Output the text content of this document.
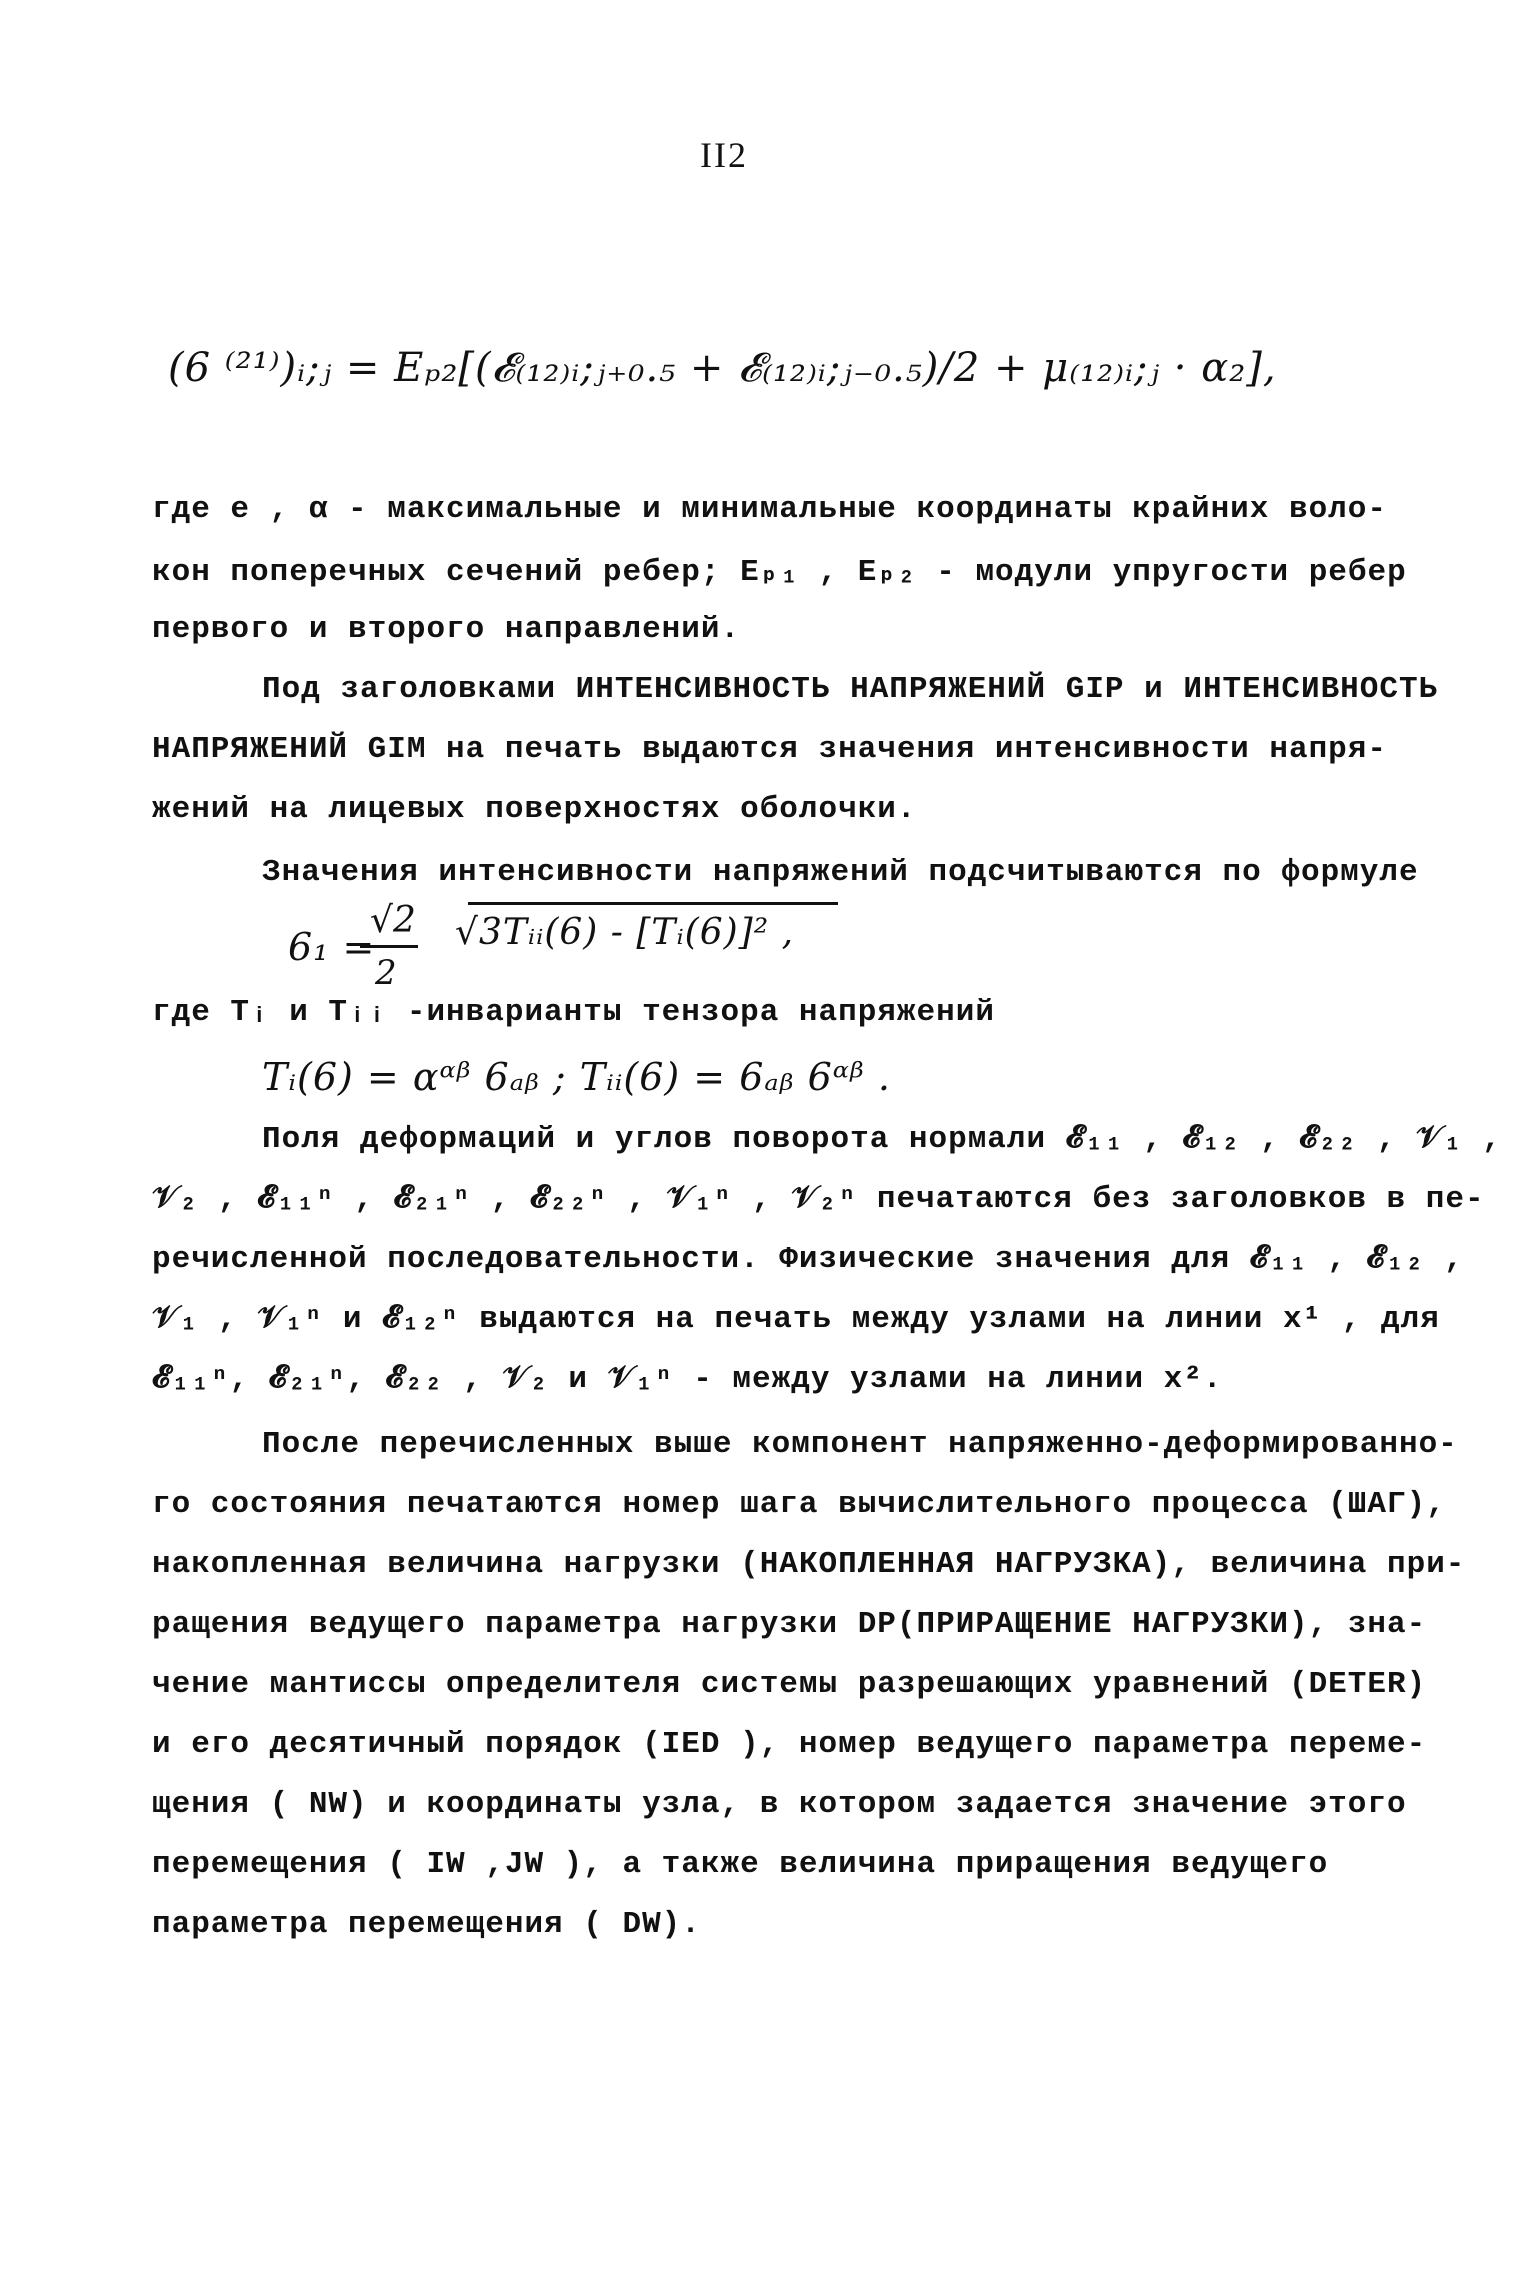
II2
(6 ⁽²¹⁾)ᵢ;ⱼ = Eₚ₂[(𝓔₍₁₂₎ᵢ;ⱼ₊₀.₅ + 𝓔₍₁₂₎ᵢ;ⱼ₋₀.₅)/2 + μ₍₁₂₎ᵢ;ⱼ · α₂],
где e , α - максимальные и минимальные координаты крайних воло-
кон поперечных сечений ребер; Eₚ₁ , Eₚ₂ - модули упругости ребер
первого и второго направлений.
Под заголовками ИНТЕНСИВНОСТЬ НАПРЯЖЕНИЙ GIP и ИНТЕНСИВНОСТЬ
НАПРЯЖЕНИЙ GIM на печать выдаются значения интенсивности напря-
жений на лицевых поверхностях оболочки.
Значения интенсивности напряжений подсчитываются по формуле
√2
6₁ =
2
√3Tᵢᵢ(6) - [Tᵢ(6)]² ,
где Tᵢ и Tᵢᵢ -инварианты тензора напряжений
Tᵢ(6) = αᵅᵝ 6ₐᵦ ; Tᵢᵢ(6) = 6ₐᵦ 6ᵅᵝ .
Поля деформаций и углов поворота нормали 𝓔₁₁ , 𝓔₁₂ , 𝓔₂₂ , 𝒱₁ ,
𝒱₂ , 𝓔₁₁ⁿ , 𝓔₂₁ⁿ , 𝓔₂₂ⁿ , 𝒱₁ⁿ , 𝒱₂ⁿ печатаются без заголовков в пе-
речисленной последовательности. Физические значения для 𝓔₁₁ , 𝓔₁₂ ,
𝒱₁ , 𝒱₁ⁿ и 𝓔₁₂ⁿ выдаются на печать между узлами на линии x¹ , для
𝓔₁₁ⁿ, 𝓔₂₁ⁿ, 𝓔₂₂ , 𝒱₂ и 𝒱₁ⁿ - между узлами на линии x².
После перечисленных выше компонент напряженно-деформированно-
го состояния печатаются номер шага вычислительного процесса (ШАГ),
накопленная величина нагрузки (НАКОПЛЕННАЯ НАГРУЗКА), величина при-
ращения ведущего параметра нагрузки DP(ПРИРАЩЕНИЕ НАГРУЗКИ), зна-
чение мантиссы определителя системы разрешающих уравнений (DETER)
и его десятичный порядок (IED ), номер ведущего параметра переме-
щения ( NW) и координаты узла, в котором задается значение этого
перемещения ( IW ,JW ), а также величина приращения ведущего
параметра перемещения ( DW).
